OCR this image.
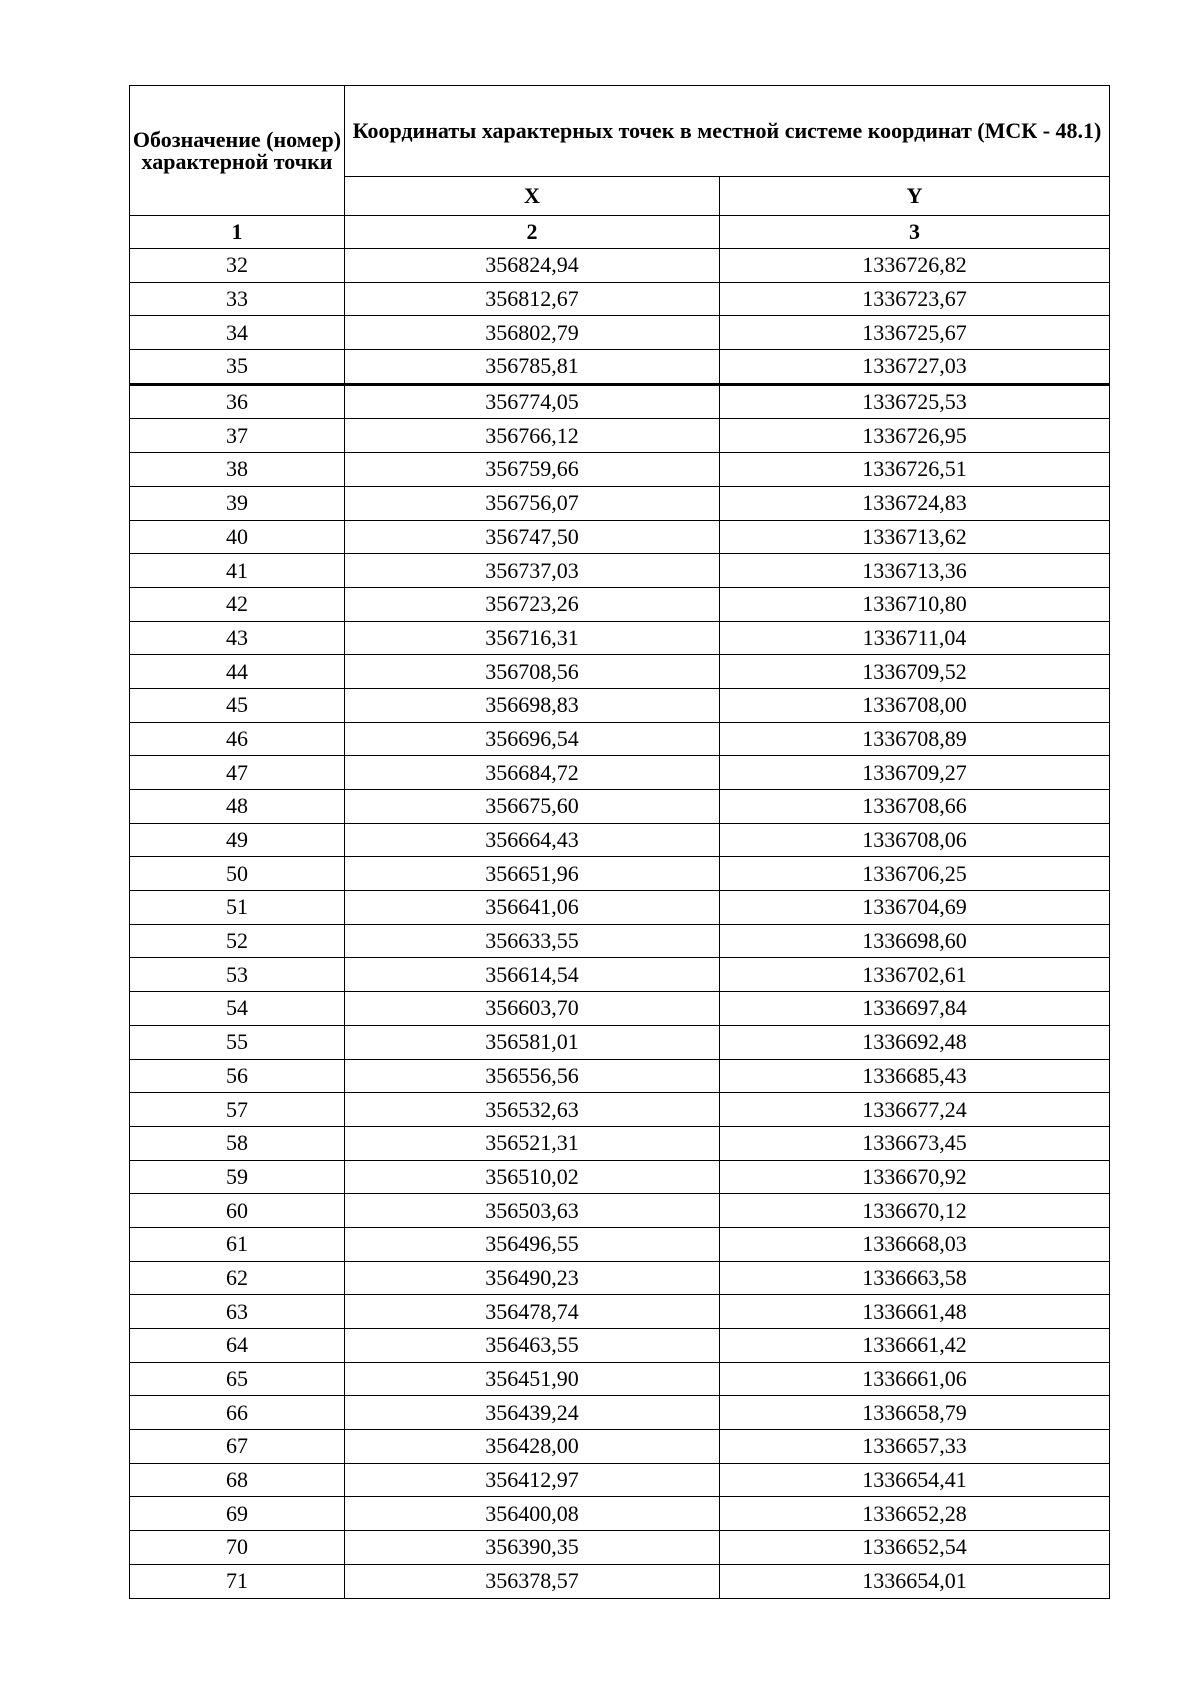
Обозначение (номер) характерной точки	Координаты характерных точек в местной системе координат (МСК - 48.1)	
	X	Y
1	2	3
32	356824,94	1336726,82
33	356812,67	1336723,67
34	356802,79	1336725,67
35	356785,81	1336727,03
36	356774,05	1336725,53
37	356766,12	1336726,95
38	356759,66	1336726,51
39	356756,07	1336724,83
40	356747,50	1336713,62
41	356737,03	1336713,36
42	356723,26	1336710,80
43	356716,31	1336711,04
44	356708,56	1336709,52
45	356698,83	1336708,00
46	356696,54	1336708,89
47	356684,72	1336709,27
48	356675,60	1336708,66
49	356664,43	1336708,06
50	356651,96	1336706,25
51	356641,06	1336704,69
52	356633,55	1336698,60
53	356614,54	1336702,61
54	356603,70	1336697,84
55	356581,01	1336692,48
56	356556,56	1336685,43
57	356532,63	1336677,24
58	356521,31	1336673,45
59	356510,02	1336670,92
60	356503,63	1336670,12
61	356496,55	1336668,03
62	356490,23	1336663,58
63	356478,74	1336661,48
64	356463,55	1336661,42
65	356451,90	1336661,06
66	356439,24	1336658,79
67	356428,00	1336657,33
68	356412,97	1336654,41
69	356400,08	1336652,28
70	356390,35	1336652,54
71	356378,57	1336654,01
